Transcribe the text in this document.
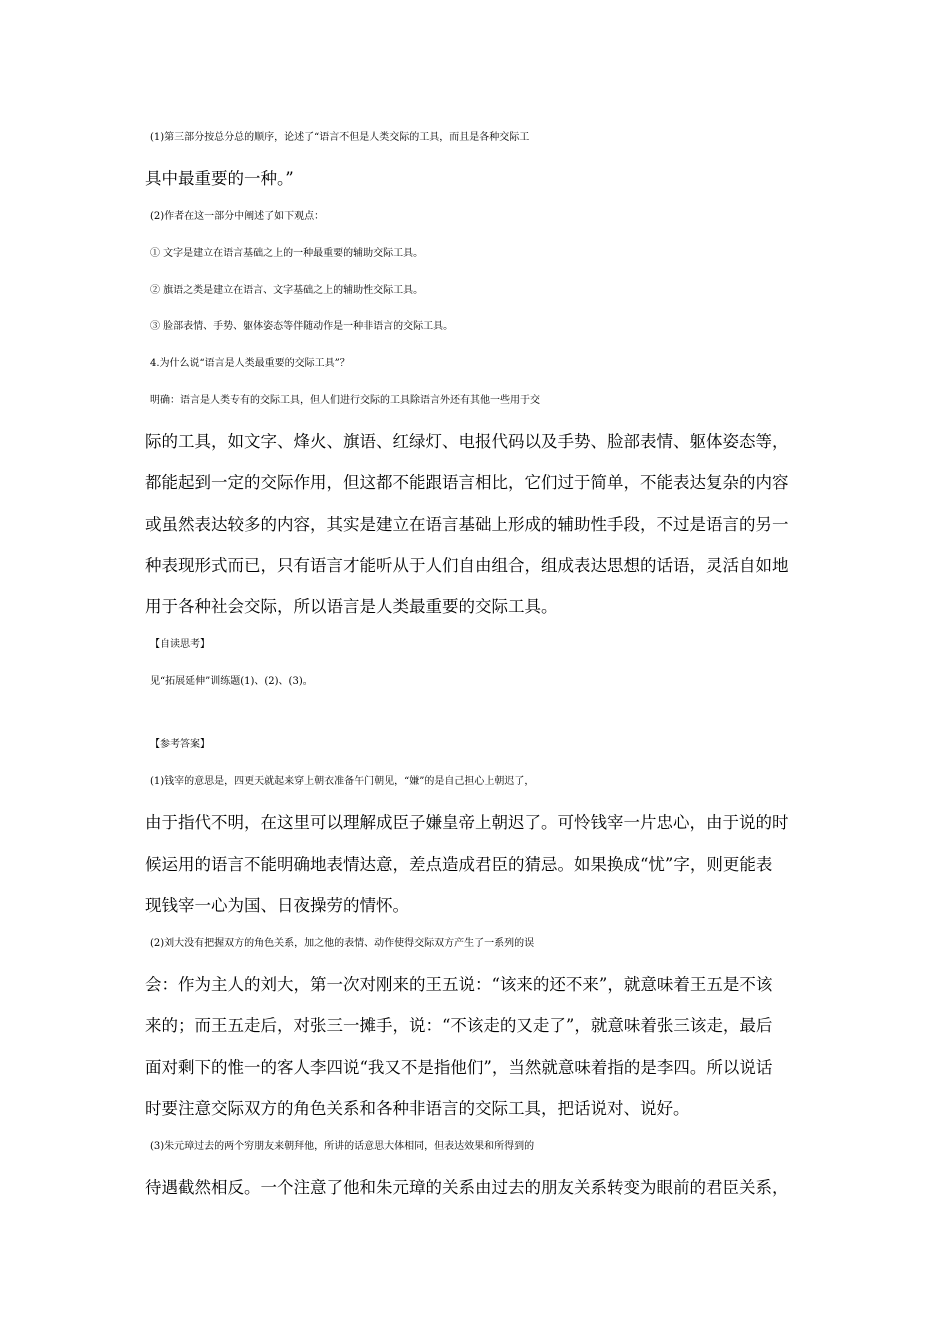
(1)第三部分按总分总的顺序，论述了“语言不但是人类交际的工具，而且是各种交际工
具中最重要的一种。”
(2)作者在这一部分中阐述了如下观点：
① 文字是建立在语言基础之上的一种最重要的辅助交际工具。
② 旗语之类是建立在语言、文字基础之上的辅助性交际工具。
③ 脸部表情、手势、躯体姿态等伴随动作是一种非语言的交际工具。
4.为什么说“语言是人类最重要的交际工具”？
明确：语言是人类专有的交际工具，但人们进行交际的工具除语言外还有其他一些用于交
际的工具，如文字、烽火、旗语、红绿灯、电报代码以及手势、脸部表情、躯体姿态等，
都能起到一定的交际作用，但这都不能跟语言相比，它们过于简单，不能表达复杂的内容
或虽然表达较多的内容，其实是建立在语言基础上形成的辅助性手段，不过是语言的另一
种表现形式而已，只有语言才能听从于人们自由组合，组成表达思想的话语，灵活自如地
用于各种社会交际，所以语言是人类最重要的交际工具。
【自读思考】
见“拓展延伸”训练题(1)、(2)、(3)。
【参考答案】
(1)钱宰的意思是，四更天就起来穿上朝衣准备午门朝见，“嫌”的是自己担心上朝迟了，
由于指代不明，在这里可以理解成臣子嫌皇帝上朝迟了。可怜钱宰一片忠心，由于说的时
候运用的语言不能明确地表情达意，差点造成君臣的猜忌。如果换成“忧”字，则更能表
现钱宰一心为国、日夜操劳的情怀。
(2)刘大没有把握双方的角色关系，加之他的表情、动作使得交际双方产生了一系列的误
会：作为主人的刘大，第一次对刚来的王五说：“该来的还不来”，就意味着王五是不该
来的；而王五走后，对张三一摊手，说：“不该走的又走了”，就意味着张三该走，最后
面对剩下的惟一的客人李四说“我又不是指他们”，当然就意味着指的是李四。所以说话
时要注意交际双方的角色关系和各种非语言的交际工具，把话说对、说好。
(3)朱元璋过去的两个穷朋友来朝拜他，所讲的话意思大体相同，但表达效果和所得到的
待遇截然相反。一个注意了他和朱元璋的关系由过去的朋友关系转变为眼前的君臣关系，
